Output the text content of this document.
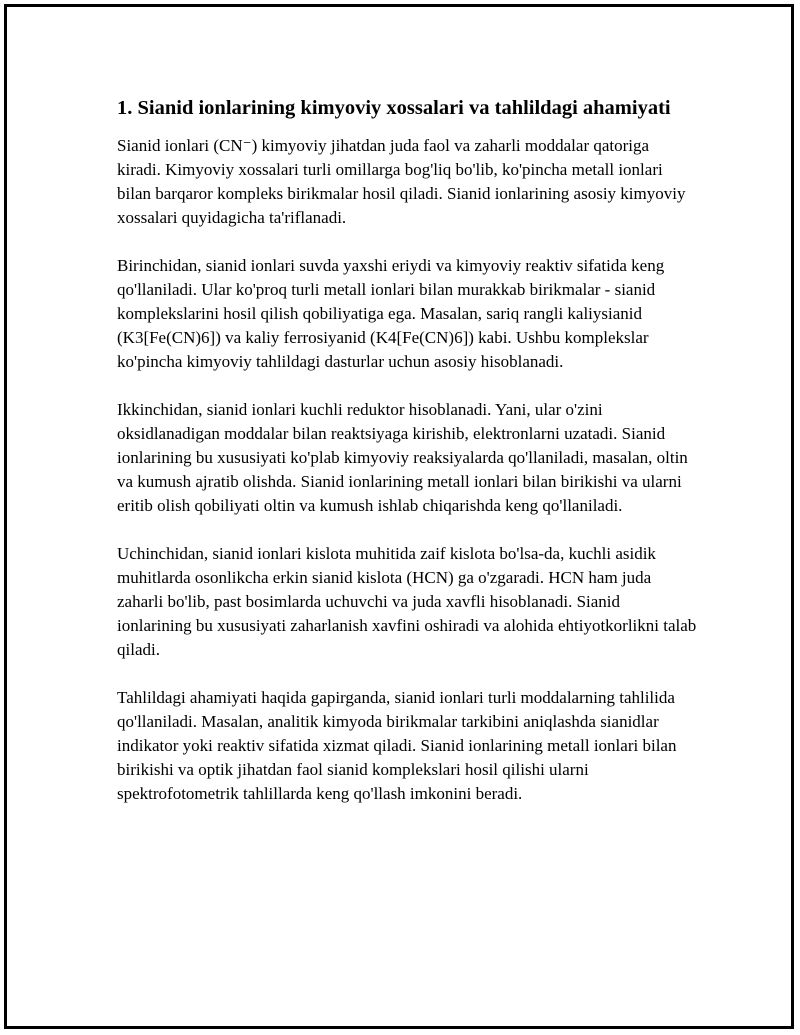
1. Sianid ionlarining kimyoviy xossalari va tahlildagi ahamiyati

Sianid ionlari (CN⁻) kimyoviy jihatdan juda faol va zaharli moddalar qatoriga kiradi. Kimyoviy xossalari turli omillarga bog'liq bo'lib, ko'pincha metall ionlari bilan barqaror kompleks birikmalar hosil qiladi. Sianid ionlarining asosiy kimyoviy xossalari quyidagicha ta'riflanadi.

Birinchidan, sianid ionlari suvda yaxshi eriydi va kimyoviy reaktiv sifatida keng qo'llaniladi. Ular ko'proq turli metall ionlari bilan murakkab birikmalar - sianid komplekslarini hosil qilish qobiliyatiga ega. Masalan, sariq rangli kaliysianid (K3[Fe(CN)6]) va kaliy ferrosiyanid (K4[Fe(CN)6]) kabi. Ushbu komplekslar ko'pincha kimyoviy tahlildagi dasturlar uchun asosiy hisoblanadi.

Ikkinchidan, sianid ionlari kuchli reduktor hisoblanadi. Yani, ular o'zini oksidlanadigan moddalar bilan reaktsiyaga kirishib, elektronlarni uzatadi. Sianid ionlarining bu xususiyati ko'plab kimyoviy reaksiyalarda qo'llaniladi, masalan, oltin va kumush ajratib olishda. Sianid ionlarining metall ionlari bilan birikishi va ularni eritib olish qobiliyati oltin va kumush ishlab chiqarishda keng qo'llaniladi.

Uchinchidan, sianid ionlari kislota muhitida zaif kislota bo'lsa-da, kuchli asidik muhitlarda osonlikcha erkin sianid kislota (HCN) ga o'zgaradi. HCN ham juda zaharli bo'lib, past bosimlarda uchuvchi va juda xavfli hisoblanadi. Sianid ionlarining bu xususiyati zaharlanish xavfini oshiradi va alohida ehtiyotkorlikni talab qiladi.

Tahlildagi ahamiyati haqida gapirganda, sianid ionlari turli moddalarning tahlilida qo'llaniladi. Masalan, analitik kimyoda birikmalar tarkibini aniqlashda sianidlar indikator yoki reaktiv sifatida xizmat qiladi. Sianid ionlarining metall ionlari bilan birikishi va optik jihatdan faol sianid komplekslari hosil qilishi ularni spektrofotometrik tahlillarda keng qo'llash imkonini beradi.
